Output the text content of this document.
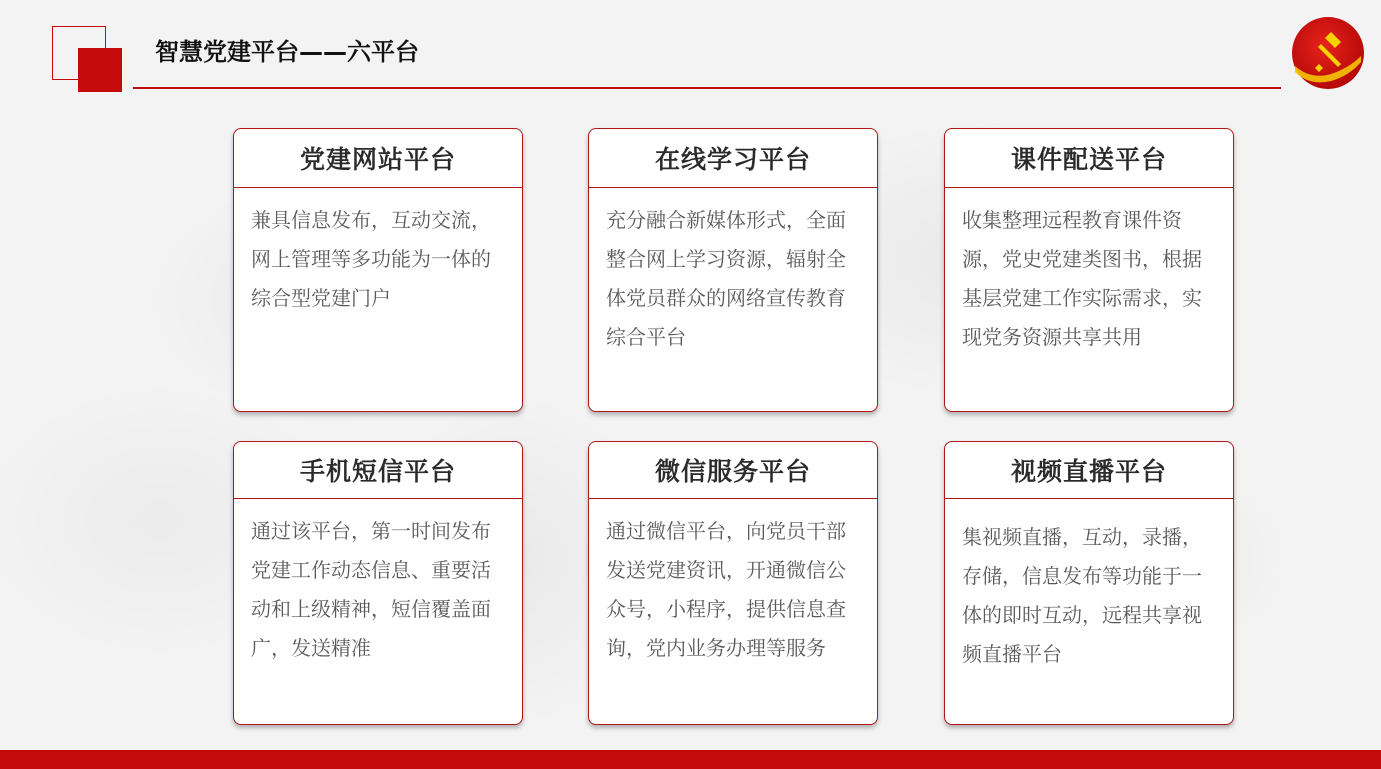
智慧党建平台——六平台
党建网站平台
兼具信息发布，互动交流，网上管理等多功能为一体的综合型党建门户
在线学习平台
充分融合新媒体形式，全面整合网上学习资源，辐射全体党员群众的网络宣传教育综合平台
课件配送平台
收集整理远程教育课件资源，党史党建类图书，根据基层党建工作实际需求，实现党务资源共享共用
手机短信平台
通过该平台，第一时间发布党建工作动态信息、重要活动和上级精神，短信覆盖面广，发送精准
微信服务平台
通过微信平台，向党员干部发送党建资讯，开通微信公众号，小程序，提供信息查询，党内业务办理等服务
视频直播平台
集视频直播，互动，录播，存储，信息发布等功能于一体的即时互动，远程共享视频直播平台
